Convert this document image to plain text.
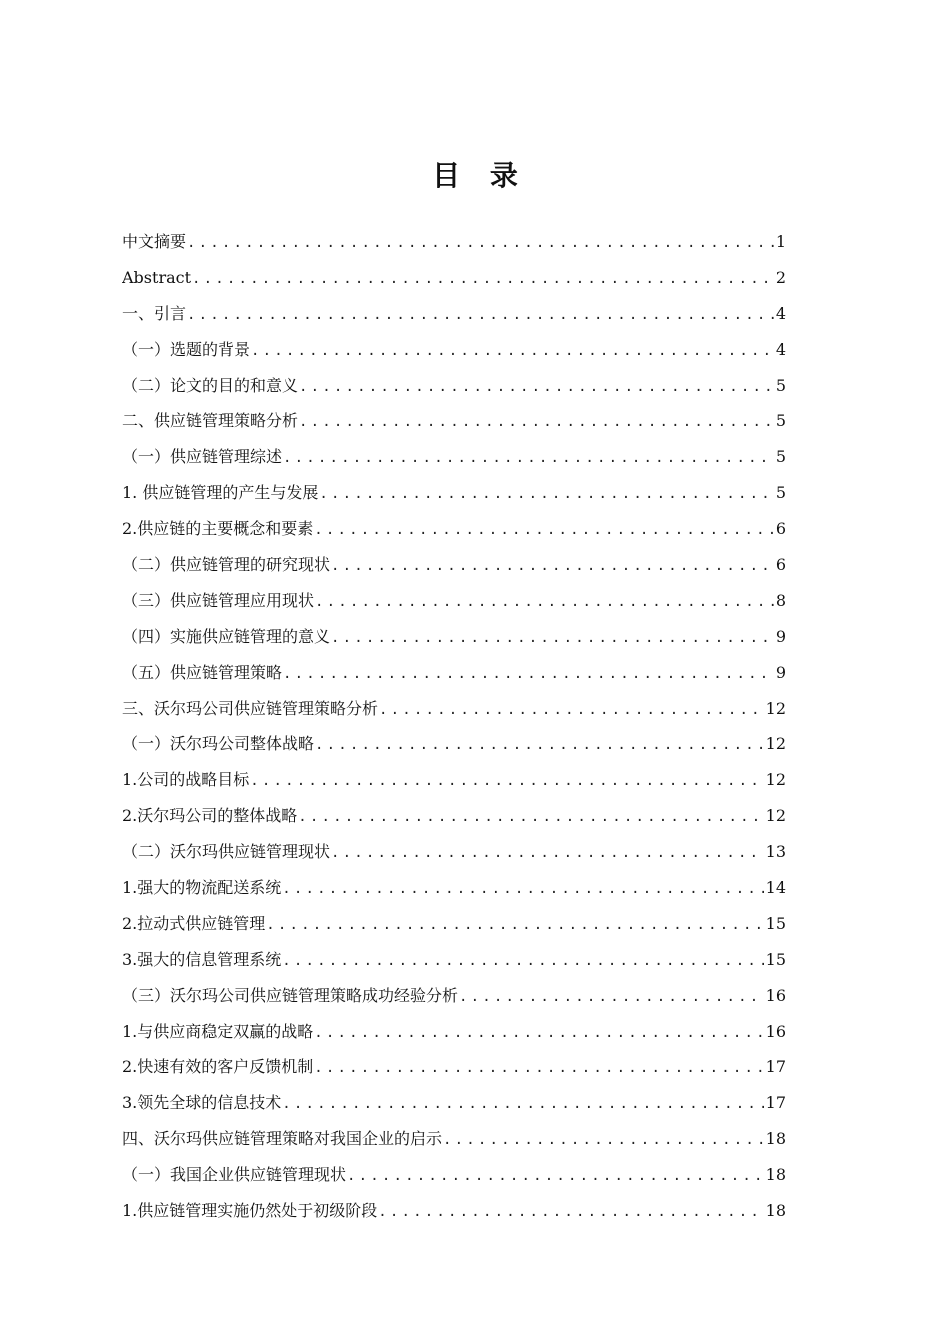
目 录
中文摘要 .....	1
Abstract .....	2
一、引言 .....	4
（一）选题的背景 .....	4
（二）论文的目的和意义 .....	5
二、供应链管理策略分析 .....	5
（一）供应链管理综述 .....	5
1. 供应链管理的产生与发展 .....	5
2.供应链的主要概念和要素 .....	6
（二）供应链管理的研究现状 .....	6
（三）供应链管理应用现状 .....	8
（四）实施供应链管理的意义 .....	9
（五）供应链管理策略 .....	9
三、沃尔玛公司供应链管理策略分析 .....	12
（一）沃尔玛公司整体战略 .....	12
1.公司的战略目标 .....	12
2.沃尔玛公司的整体战略 .....	12
（二）沃尔玛供应链管理现状 .....	13
1.强大的物流配送系统 .....	14
2.拉动式供应链管理 .....	15
3.强大的信息管理系统 .....	15
（三）沃尔玛公司供应链管理策略成功经验分析 .....	16
1.与供应商稳定双赢的战略 .....	16
2.快速有效的客户反馈机制 .....	17
3.领先全球的信息技术 .....	17
四、沃尔玛供应链管理策略对我国企业的启示 .....	18
（一）我国企业供应链管理现状 .....	18
1.供应链管理实施仍然处于初级阶段 .....	18
